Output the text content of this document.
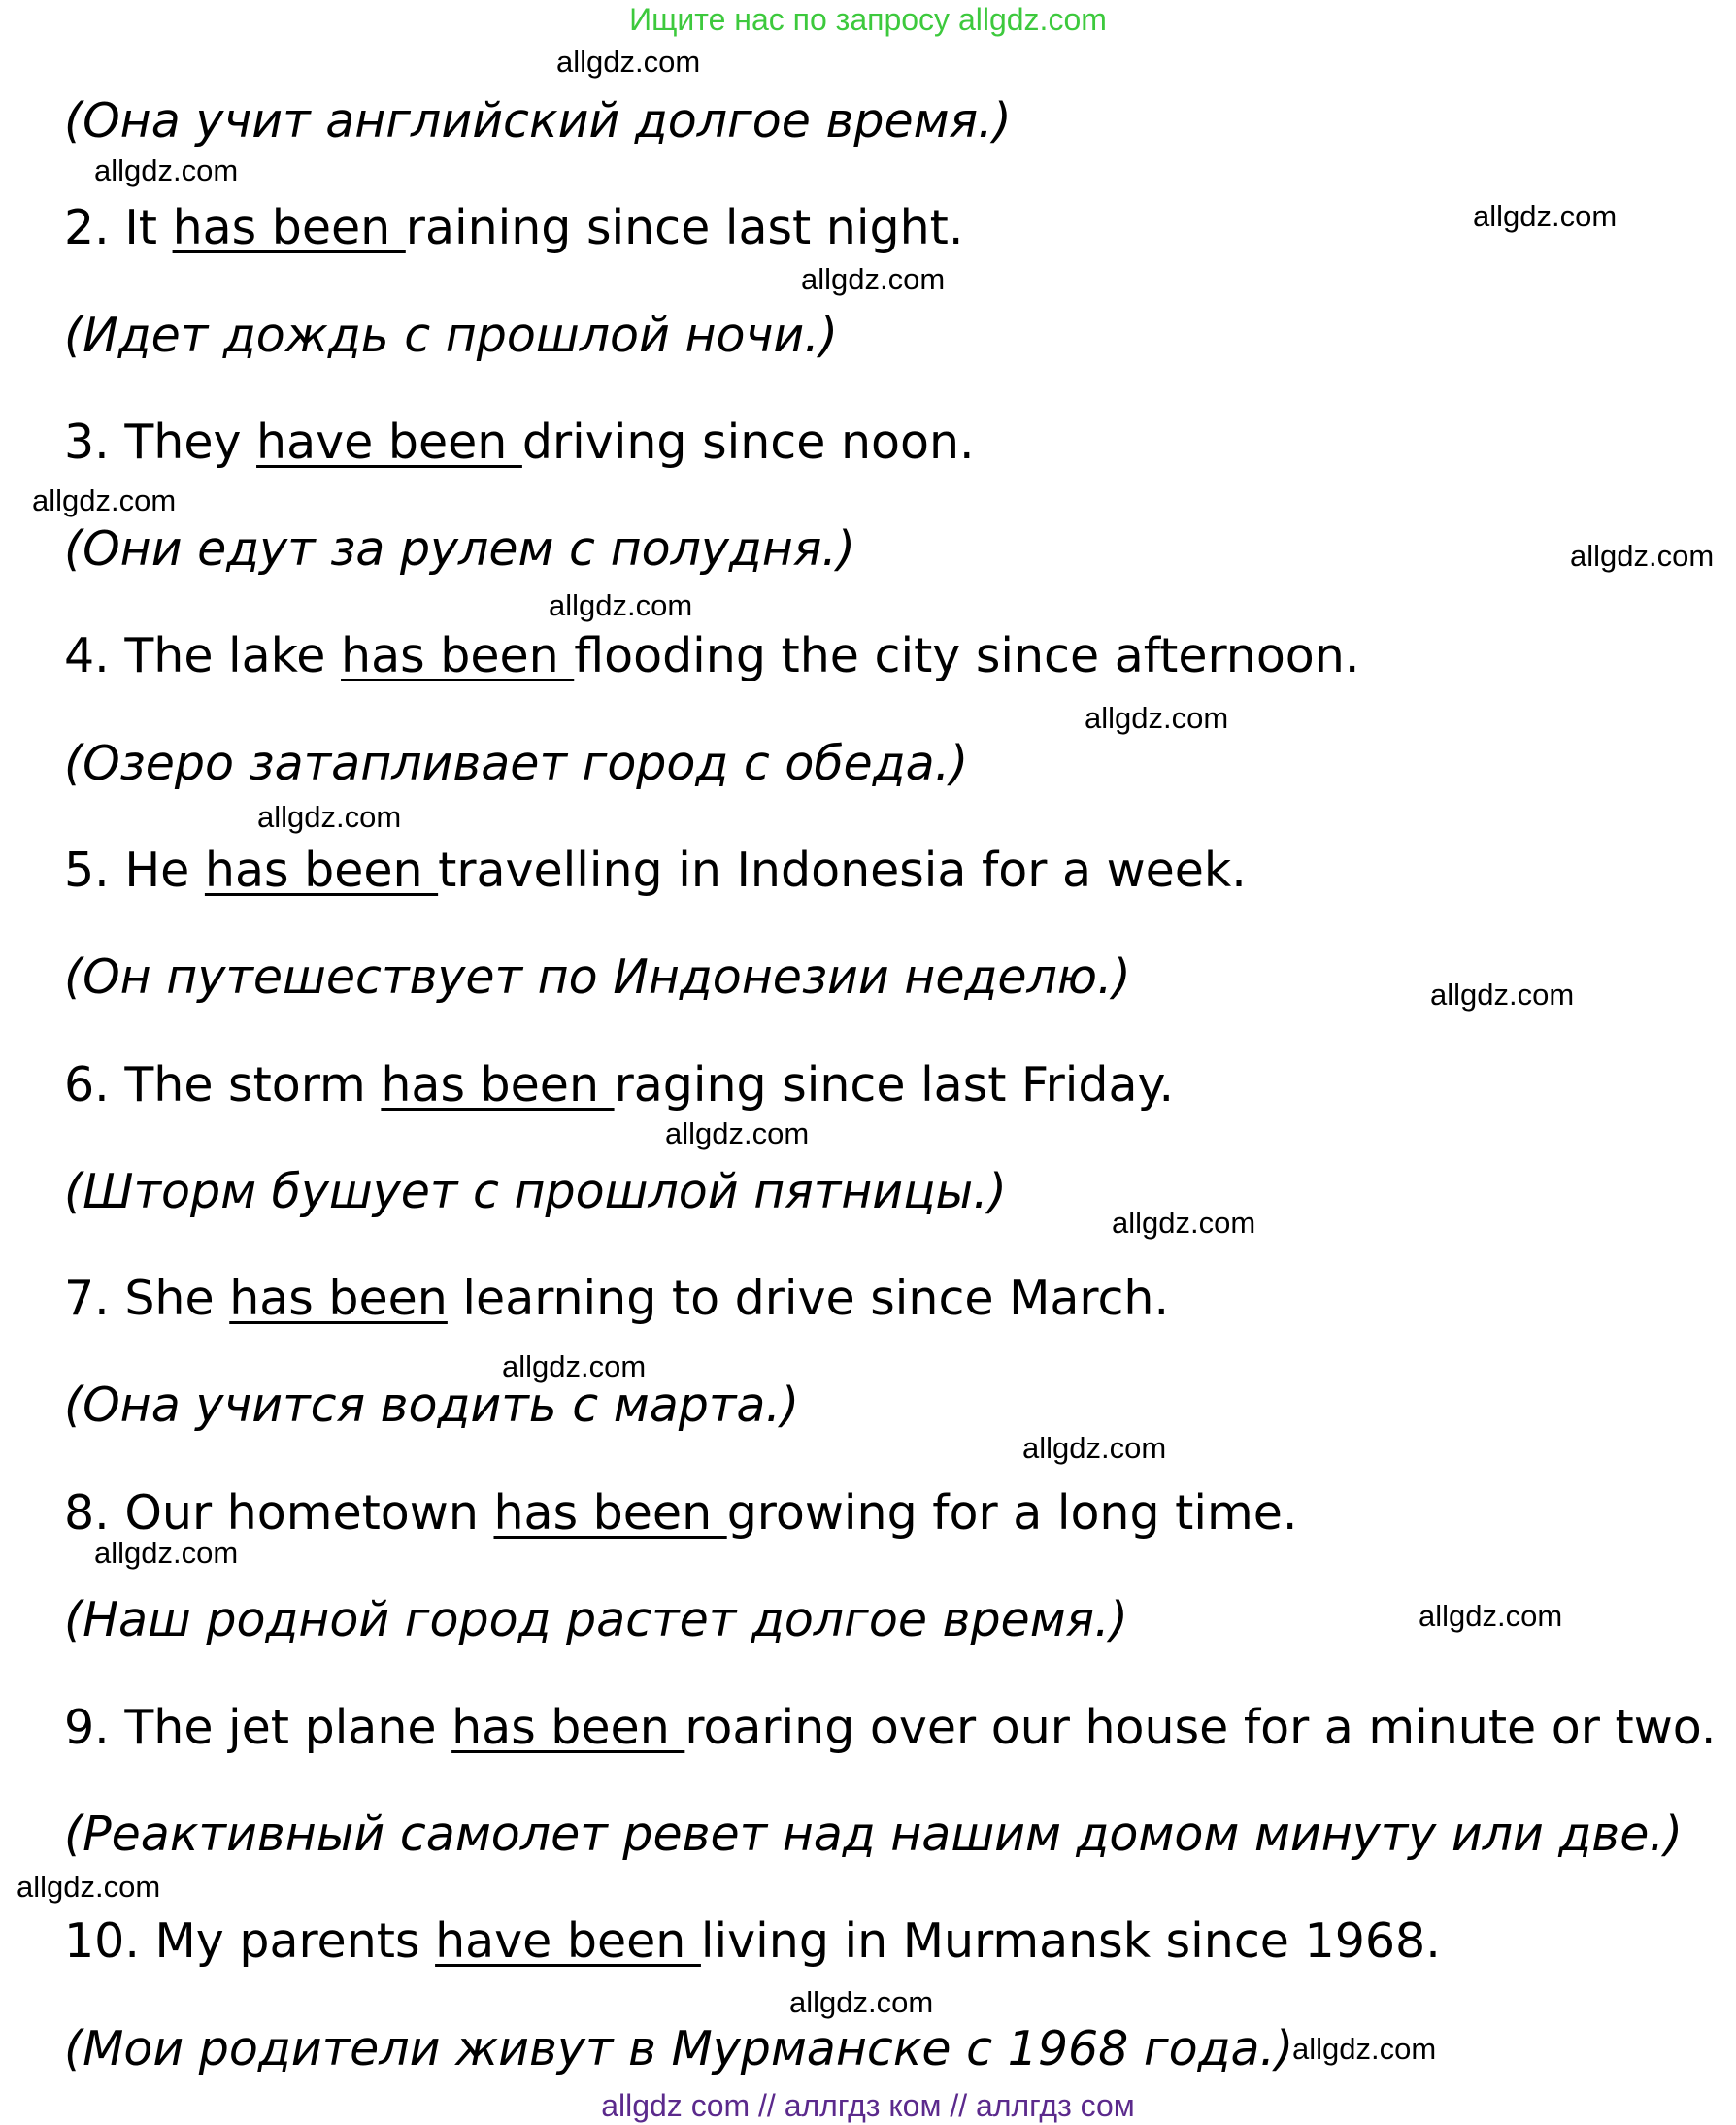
Ищите нас по запросу allgdz.com
allgdz.com
allgdz.com
allgdz.com
allgdz.com
allgdz.com
allgdz.com
allgdz.com
allgdz.com
allgdz.com
allgdz.com
allgdz.com
allgdz.com
allgdz.com
allgdz.com
allgdz.com
allgdz.com
allgdz.com
allgdz.com
allgdz.com
(Она учит английский долгое время.)
2. It has been raining since last night.
(Идет дождь с прошлой ночи.)
3. They have been driving since noon.
(Они едут за рулем с полудня.)
4. The lake has been flooding the city since afternoon.
(Озеро затапливает город с обеда.)
5. He has been travelling in Indonesia for a week.
(Он путешествует по Индонезии неделю.)
6. The storm has been raging since last Friday.
(Шторм бушует с прошлой пятницы.)
7. She has been learning to drive since March.
(Она учится водить с марта.)
8. Our hometown has been growing for a long time.
(Наш родной город растет долгое время.)
9. The jet plane has been roaring over our house for a minute or two.
(Реактивный самолет ревет над нашим домом минуту или две.)
10. My parents have been living in Murmansk since 1968.
(Мои родители живут в Мурманске с 1968 года.)
allgdz com // аллгдз ком // аллгдз сом
